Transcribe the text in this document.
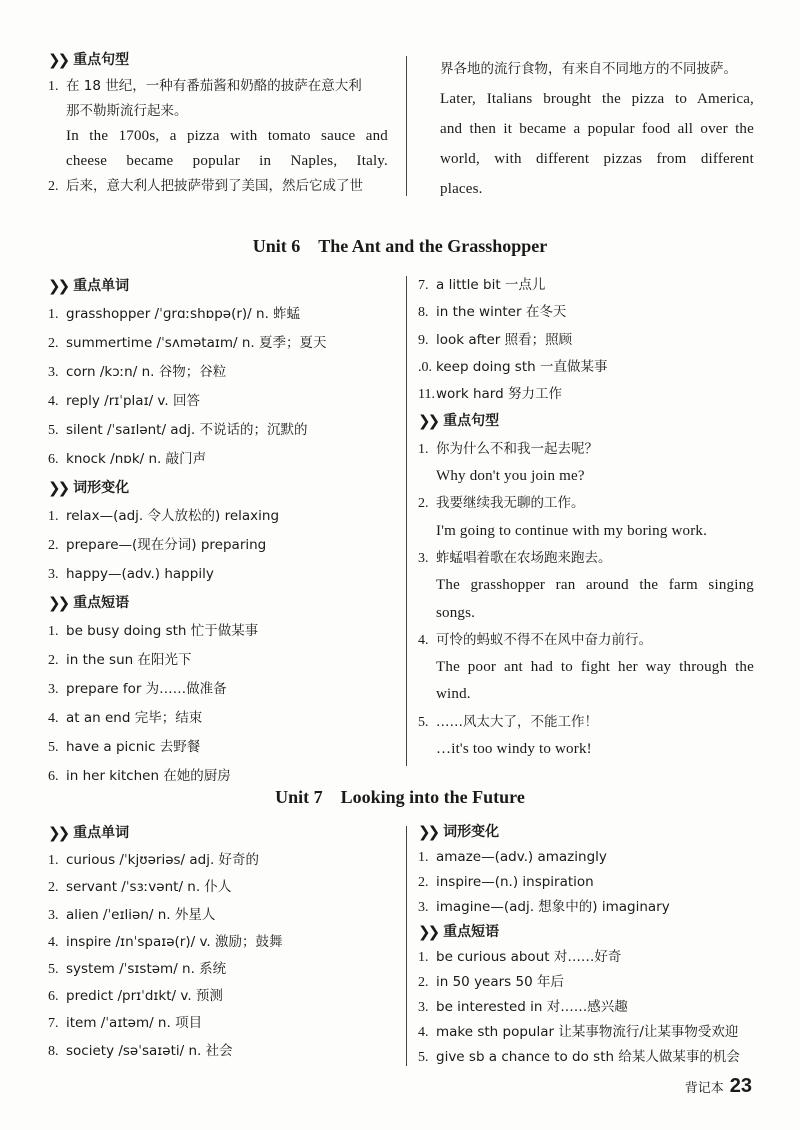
❯❯ 重点句型
1. 在 18 世纪，一种有番茄酱和奶酪的披萨在意大利
那不勒斯流行起来。
In the 1700s, a pizza with tomato sauce and
cheese became popular in Naples, Italy.
2. 后来，意大利人把披萨带到了美国，然后它成了世
界各地的流行食物，有来自不同地方的不同披萨。
Later, Italians brought the pizza to America,
and then it became a popular food all over the
world, with different pizzas from different
places.
Unit 6　The Ant and the Grasshopper
❯❯ 重点单词
1. grasshopper /ˈɡrɑːshɒpə(r)/ n. 蚱蜢
2. summertime /ˈsʌmətaɪm/ n. 夏季；夏天
3. corn /kɔːn/ n. 谷物；谷粒
4. reply /rɪˈplaɪ/ v. 回答
5. silent /ˈsaɪlənt/ adj. 不说话的；沉默的
6. knock /nɒk/ n. 敲门声
❯❯ 词形变化
1. relax—(adj. 令人放松的) relaxing
2. prepare—(现在分词) preparing
3. happy—(adv.) happily
❯❯ 重点短语
1. be busy doing sth 忙于做某事
2. in the sun 在阳光下
3. prepare for 为……做准备
4. at an end 完毕；结束
5. have a picnic 去野餐
6. in her kitchen 在她的厨房
7. a little bit 一点儿
8. in the winter 在冬天
9. look after 照看；照顾
.0. keep doing sth 一直做某事
11.work hard 努力工作
❯❯ 重点句型
1. 你为什么不和我一起去呢？
Why don't you join me?
2. 我要继续我无聊的工作。
I'm going to continue with my boring work.
3. 蚱蜢唱着歌在农场跑来跑去。
The grasshopper ran around the farm singing
songs.
4. 可怜的蚂蚁不得不在风中奋力前行。
The poor ant had to fight her way through the
wind.
5. ……风太大了，不能工作！
…it's too windy to work!
Unit 7　Looking into the Future
❯❯ 重点单词
1. curious /ˈkjʊəriəs/ adj. 好奇的
2. servant /ˈsɜːvənt/ n. 仆人
3. alien /ˈeɪliən/ n. 外星人
4. inspire /ɪnˈspaɪə(r)/ v. 激励；鼓舞
5. system /ˈsɪstəm/ n. 系统
6. predict /prɪˈdɪkt/ v. 预测
7. item /ˈaɪtəm/ n. 项目
8. society /səˈsaɪəti/ n. 社会
❯❯ 词形变化
1. amaze—(adv.) amazingly
2. inspire—(n.) inspiration
3. imagine—(adj. 想象中的) imaginary
❯❯ 重点短语
1. be curious about 对……好奇
2. in 50 years 50 年后
3. be interested in 对……感兴趣
4. make sth popular 让某事物流行/让某事物受欢迎
5. give sb a chance to do sth 给某人做某事的机会
背记本 23
